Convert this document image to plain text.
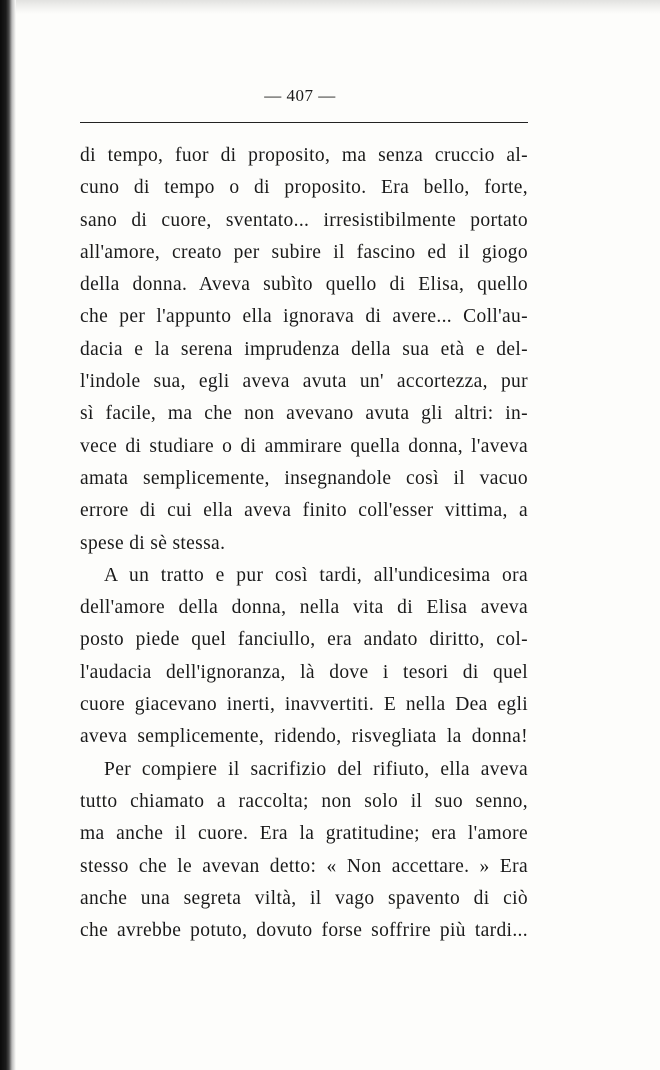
— 407 —
di tempo, fuor di proposito, ma senza cruccio al-
cuno di tempo o di proposito. Era bello, forte,
sano di cuore, sventato... irresistibilmente portato
all'amore, creato per subire il fascino ed il giogo
della donna. Aveva subìto quello di Elisa, quello
che per l'appunto ella ignorava di avere... Coll'au-
dacia e la serena imprudenza della sua età e del-
l'indole sua, egli aveva avuta un' accortezza, pur
sì facile, ma che non avevano avuta gli altri: in-
vece di studiare o di ammirare quella donna, l'aveva
amata semplicemente, insegnandole così il vacuo
errore di cui ella aveva finito coll'esser vittima, a
spese di sè stessa.
A un tratto e pur così tardi, all'undicesima ora
dell'amore della donna, nella vita di Elisa aveva
posto piede quel fanciullo, era andato diritto, col-
l'audacia dell'ignoranza, là dove i tesori di quel
cuore giacevano inerti, inavvertiti. E nella Dea egli
aveva semplicemente, ridendo, risvegliata la donna!
Per compiere il sacrifizio del rifiuto, ella aveva
tutto chiamato a raccolta; non solo il suo senno,
ma anche il cuore. Era la gratitudine; era l'amore
stesso che le avevan detto: « Non accettare. » Era
anche una segreta viltà, il vago spavento di ciò
che avrebbe potuto, dovuto forse soffrire più tardi...
